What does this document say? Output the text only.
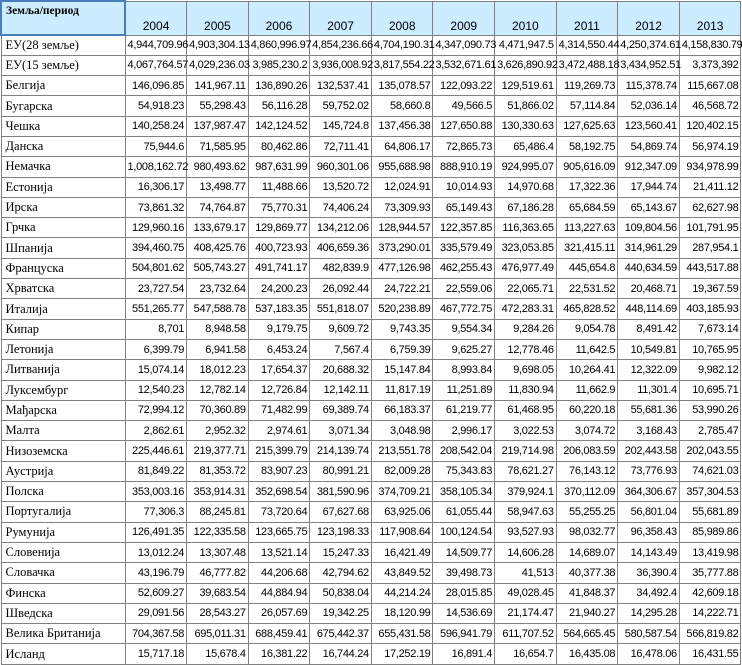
Земља/период	2004	2005	2006	2007	2008	2009	2010	2011	2012	2013
ЕУ(28 земље)	4,944,709.96	4,903,304.13	4,860,996.97	4,854,236.66	4,704,190.31	4,347,090.73	4,471,947.5	4,314,550.44	4,250,374.61	4,158,830.79
ЕУ(15 земље)	4,067,764.57	4,029,236.03	3,985,230.2	3,936,008.92	3,817,554.22	3,532,671.61	3,626,890.92	3,472,488.18	3,434,952.51	3,373,392
Белгија	146,096.85	141,967.11	136,890.26	132,537.41	135,078.57	122,093.22	129,519.61	119,269.73	115,378.74	115,667.08
Бугарска	54,918.23	55,298.43	56,116.28	59,752.02	58,660.8	49,566.5	51,866.02	57,114.84	52,036.14	46,568.72
Чешка	140,258.24	137,987.47	142,124.52	145,724.8	137,456.38	127,650.88	130,330.63	127,625.63	123,560.41	120,402.15
Данска	75,944.6	71,585.95	80,462.86	72,711.41	64,806.17	72,865.73	65,486.4	58,192.75	54,869.74	56,974.19
Немачка	1,008,162.72	980,493.62	987,631.99	960,301.06	955,688.98	888,910.19	924,995.07	905,616.09	912,347.09	934,978.99
Естонија	16,306.17	13,498.77	11,488.66	13,520.72	12,024.91	10,014.93	14,970.68	17,322.36	17,944.74	21,411.12
Ирска	73,861.32	74,764.87	75,770.31	74,406.24	73,309.93	65,149.43	67,186.28	65,684.59	65,143.67	62,627.98
Грчка	129,960.16	133,679.17	129,869.77	134,212.06	128,944.57	122,357.85	116,363.65	113,227.63	109,804.56	101,791.95
Шпанија	394,460.75	408,425.76	400,723.93	406,659.36	373,290.01	335,579.49	323,053.85	321,415.11	314,961.29	287,954.1
Француска	504,801.62	505,743.27	491,741.17	482,839.9	477,126.98	462,255.43	476,977.49	445,654.8	440,634.59	443,517.88
Хрватска	23,727.54	23,732.64	24,200.23	26,092.44	24,722.21	22,559.06	22,065.71	22,531.52	20,468.71	19,367.59
Италија	551,265.77	547,588.78	537,183.35	551,818.07	520,238.89	467,772.75	472,283.31	465,828.52	448,114.69	403,185.93
Кипар	8,701	8,948.58	9,179.75	9,609.72	9,743.35	9,554.34	9,284.26	9,054.78	8,491.42	7,673.14
Летонија	6,399.79	6,941.58	6,453.24	7,567.4	6,759.39	9,625.27	12,778.46	11,642.5	10,549.81	10,765.95
Литванија	15,074.14	18,012.23	17,654.37	20,688.32	15,147.84	8,993.84	9,698.05	10,264.41	12,322.09	9,982.12
Луксембург	12,540.23	12,782.14	12,726.84	12,142.11	11,817.19	11,251.89	11,830.94	11,662.9	11,301.4	10,695.71
Мађарска	72,994.12	70,360.89	71,482.99	69,389.74	66,183.37	61,219.77	61,468.95	60,220.18	55,681.36	53,990.26
Малта	2,862.61	2,952.32	2,974.61	3,071.34	3,048.98	2,996.17	3,022.53	3,074.72	3,168.43	2,785.47
Низоземска	225,446.61	219,377.71	215,399.79	214,139.74	213,551.78	208,542.04	219,714.98	206,083.59	202,443.58	202,043.55
Аустрија	81,849.22	81,353.72	83,907.23	80,991.21	82,009.28	75,343.83	78,621.27	76,143.12	73,776.93	74,621.03
Полска	353,003.16	353,914.31	352,698.54	381,590.96	374,709.21	358,105.34	379,924.1	370,112.09	364,306.67	357,304.53
Португалија	77,306.3	88,245.81	73,720.64	67,627.68	63,925.06	61,055.44	58,947.63	55,255.25	56,801.04	55,681.89
Румунија	126,491.35	122,335.58	123,665.75	123,198.33	117,908.64	100,124.54	93,527.93	98,032.77	96,358.43	85,989.86
Словенија	13,012.24	13,307.48	13,521.14	15,247.33	16,421.49	14,509.77	14,606.28	14,689.07	14,143.49	13,419.98
Словачка	43,196.79	46,777.82	44,206.68	42,794.62	43,849.52	39,498.73	41,513	40,377.38	36,390.4	35,777.88
Финска	52,609.27	39,683.54	44,884.94	50,838.04	44,214.24	28,015.85	49,028.45	41,848.37	34,492.4	42,609.18
Шведска	29,091.56	28,543.27	26,057.69	19,342.25	18,120.99	14,536.69	21,174.47	21,940.27	14,295.28	14,222.71
Велика Британија	704,367.58	695,011.31	688,459.41	675,442.37	655,431.58	596,941.79	611,707.52	564,665.45	580,587.54	566,819.82
Исланд	15,717.18	15,678.4	16,381.22	16,744.24	17,252.19	16,891.4	16,654.7	16,435.08	16,478.06	16,431.55
